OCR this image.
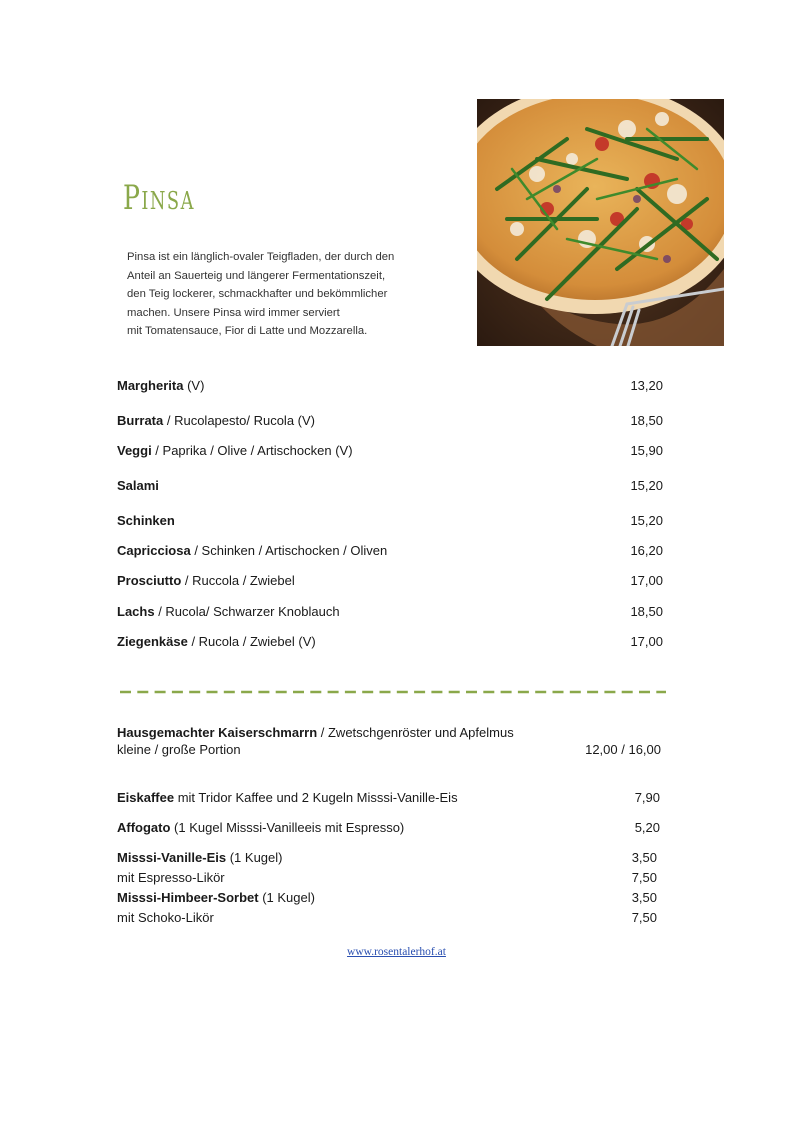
Pinsa
Pinsa ist ein länglich-ovaler Teigfladen, der durch den
Anteil an Sauerteig und längerer Fermentationszeit,
den Teig lockerer, schmackhafter und bekömmlicher
machen. Unsere Pinsa wird immer serviert
mit Tomatensauce, Fior di Latte und Mozzarella.
Margherita (V)	13,20
Burrata / Rucolapesto/ Rucola (V)	18,50
Veggi / Paprika / Olive / Artischocken (V)	15,90
Salami	15,20
Schinken	15,20
Capricciosa / Schinken / Artischocken / Oliven	16,20
Prosciutto / Ruccola / Zwiebel	17,00
Lachs / Rucola/ Schwarzer Knoblauch	18,50
Ziegenkäse / Rucola / Zwiebel (V)	17,00
Hausgemachter Kaiserschmarrn / Zwetschgenröster und Apfelmus
kleine / große Portion	12,00 / 16,00
Eiskaffee mit Tridor Kaffee und 2 Kugeln Misssi-Vanille-Eis	7,90
Affogato (1 Kugel Misssi-Vanilleeis mit Espresso)	5,20
Misssi-Vanille-Eis (1 Kugel)	3,50
mit Espresso-Likör	7,50
Misssi-Himbeer-Sorbet (1 Kugel)	3,50
mit Schoko-Likör	7,50
www.rosentalerhof.at
